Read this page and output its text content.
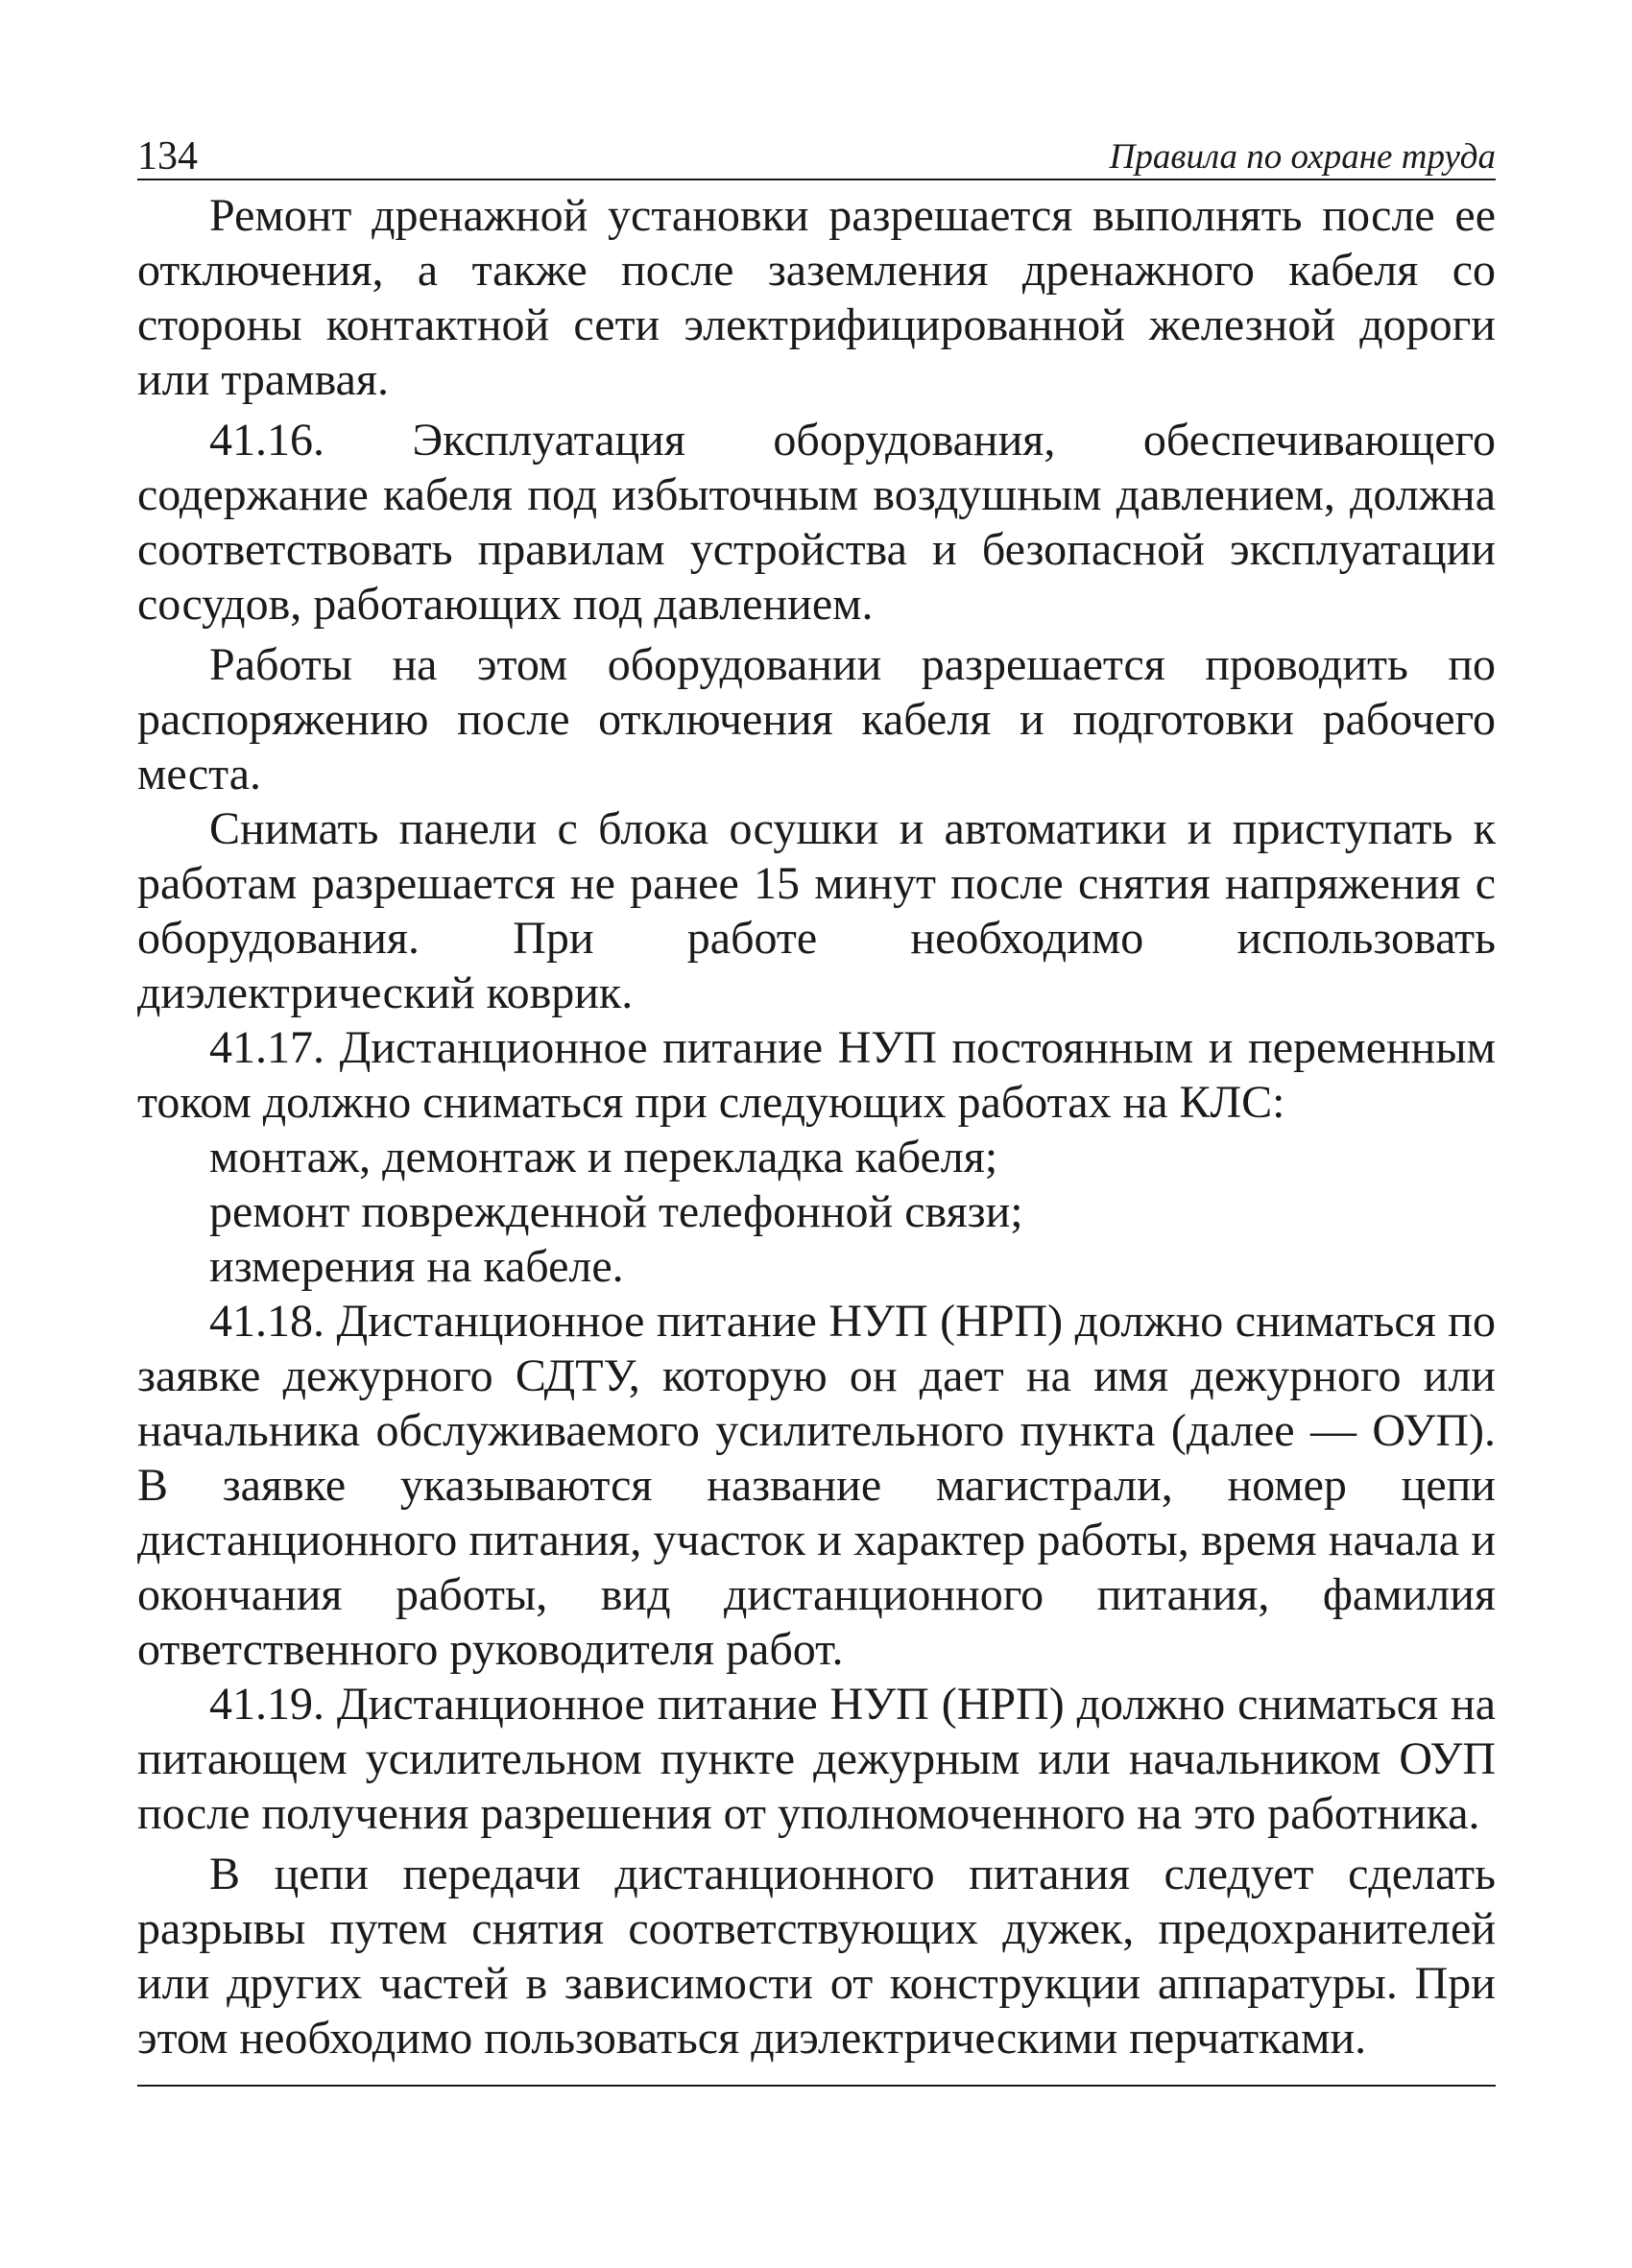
134	Правила по охране труда

Ремонт дренажной установки разрешается выполнять после ее отключения, а также после заземления дренажного кабеля со стороны контактной сети электрифицированной железной дороги или трамвая.

41.16. Эксплуатация оборудования, обеспечивающего содержание кабеля под избыточным воздушным давлением, должна соответствовать правилам устройства и безопасной эксплуатации сосудов, работающих под давлением.

Работы на этом оборудовании разрешается проводить по распоряжению после отключения кабеля и подготовки рабочего места.

Снимать панели с блока осушки и автоматики и приступать к работам разрешается не ранее 15 минут после снятия напряжения с оборудования. При работе необходимо использовать диэлектрический коврик.

41.17. Дистанционное питание НУП постоянным и переменным током должно сниматься при следующих работах на КЛС:

монтаж, демонтаж и перекладка кабеля;

ремонт поврежденной телефонной связи;

измерения на кабеле.

41.18. Дистанционное питание НУП (НРП) должно сниматься по заявке дежурного СДТУ, которую он дает на имя дежурного или начальника обслуживаемого усилительного пункта (далее — ОУП). В заявке указываются название магистрали, номер цепи дистанционного питания, участок и характер работы, время начала и окончания работы, вид дистанционного питания, фамилия ответственного руководителя работ.

41.19. Дистанционное питание НУП (НРП) должно сниматься на питающем усилительном пункте дежурным или начальником ОУП после получения разрешения от уполномоченного на это работника.

В цепи передачи дистанционного питания следует сделать разрывы путем снятия соответствующих дужек, предохранителей или других частей в зависимости от конструкции аппаратуры. При этом необходимо пользоваться диэлектрическими перчатками.
